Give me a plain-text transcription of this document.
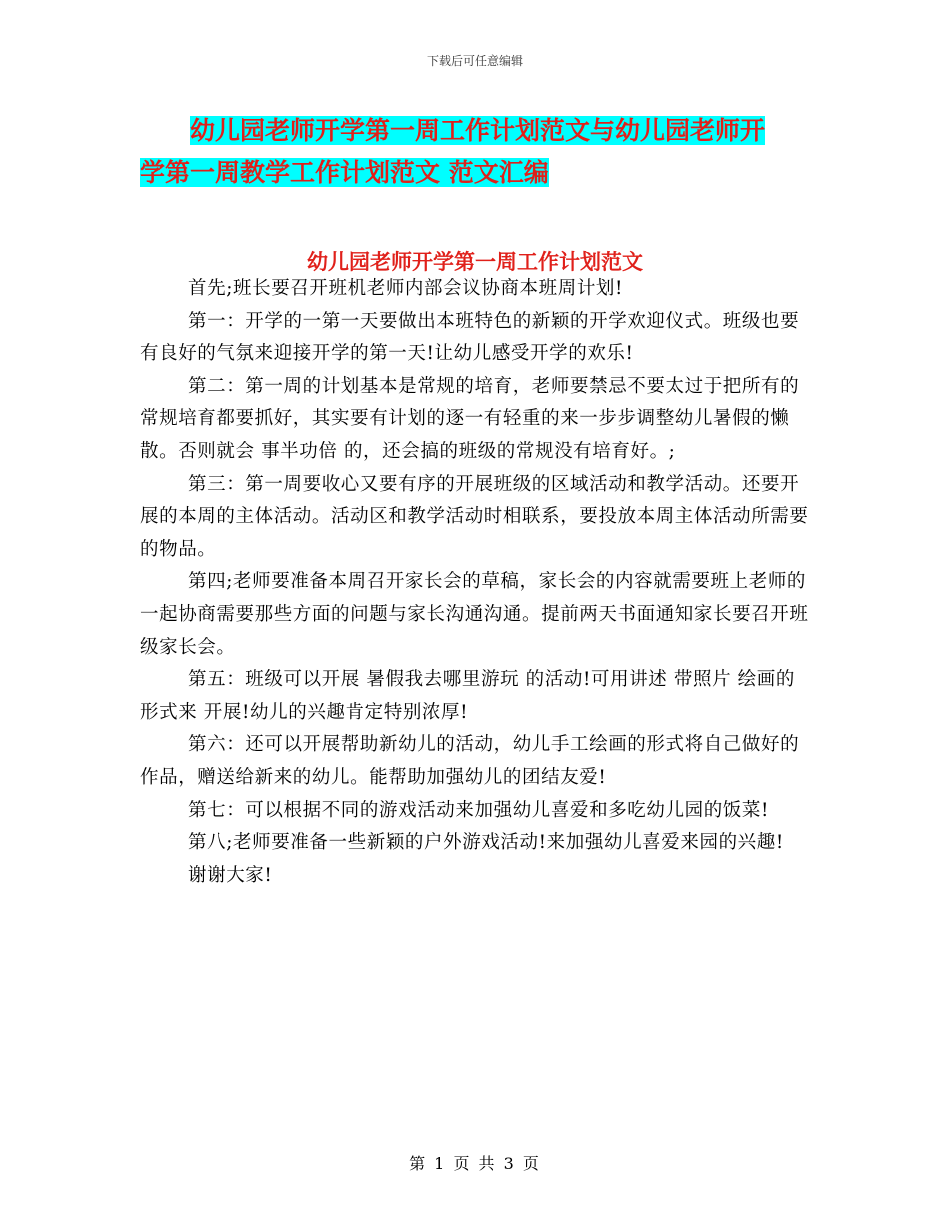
下载后可任意编辑
幼儿园老师开学第一周工作计划范文与幼儿园老师开
学第一周教学工作计划范文 范文汇编
幼儿园老师开学第一周工作计划范文

首先;班长要召开班机老师内部会议协商本班周计划!

第一：开学的一第一天要做出本班特色的新颖的开学欢迎仪式。班级也要有良好的气氛来迎接开学的第一天!让幼儿感受开学的欢乐!

第二：第一周的计划基本是常规的培育，老师要禁忌不要太过于把所有的常规培育都要抓好，其实要有计划的逐一有轻重的来一步步调整幼儿暑假的懒散。否则就会 事半功倍 的，还会搞的班级的常规没有培育好。;

第三：第一周要收心又要有序的开展班级的区域活动和教学活动。还要开展的本周的主体活动。活动区和教学活动时相联系，要投放本周主体活动所需要的物品。

第四;老师要准备本周召开家长会的草稿，家长会的内容就需要班上老师的一起协商需要那些方面的问题与家长沟通沟通。提前两天书面通知家长要召开班级家长会。

第五：班级可以开展 暑假我去哪里游玩 的活动!可用讲述 带照片 绘画的形式来 开展!幼儿的兴趣肯定特别浓厚!

第六：还可以开展帮助新幼儿的活动，幼儿手工绘画的形式将自己做好的作品，赠送给新来的幼儿。能帮助加强幼儿的团结友爱!

第七：可以根据不同的游戏活动来加强幼儿喜爱和多吃幼儿园的饭菜!

第八;老师要准备一些新颖的户外游戏活动!来加强幼儿喜爱来园的兴趣!

谢谢大家!

第 1 页 共 3 页
